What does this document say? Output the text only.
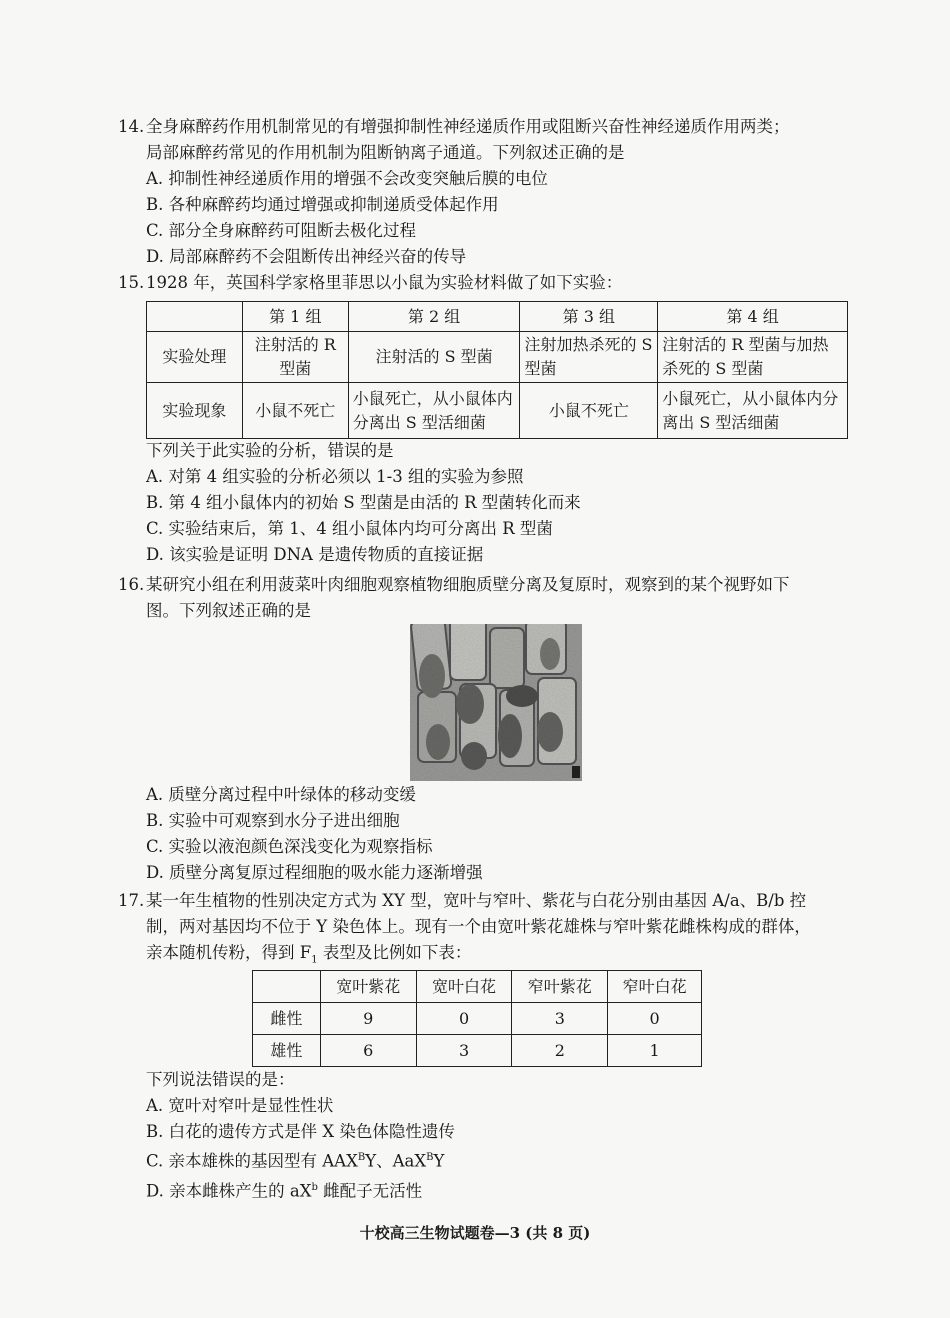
14. 全身麻醉药作用机制常见的有增强抑制性神经递质作用或阻断兴奋性神经递质作用两类；

局部麻醉药常见的作用机制为阻断钠离子通道。下列叙述正确的是

A. 抑制性神经递质作用的增强不会改变突触后膜的电位

B. 各种麻醉药均通过增强或抑制递质受体起作用

C. 部分全身麻醉药可阻断去极化过程

D. 局部麻醉药不会阻断传出神经兴奋的传导

15. 1928 年，英国科学家格里菲思以小鼠为实验材料做了如下实验：

	第 1 组	第 2 组	第 3 组	第 4 组
实验处理	注射活的 R 型菌	注射活的 S 型菌	注射加热杀死的 S 型菌	注射活的 R 型菌与加热杀死的 S 型菌
实验现象	小鼠不死亡	小鼠死亡，从小鼠体内分离出 S 型活细菌	小鼠不死亡	小鼠死亡，从小鼠体内分离出 S 型活细菌

下列关于此实验的分析，错误的是

A. 对第 4 组实验的分析必须以 1-3 组的实验为参照

B. 第 4 组小鼠体内的初始 S 型菌是由活的 R 型菌转化而来

C. 实验结束后，第 1、4 组小鼠体内均可分离出 R 型菌

D. 该实验是证明 DNA 是遗传物质的直接证据

16. 某研究小组在利用菠菜叶肉细胞观察植物细胞质壁分离及复原时，观察到的某个视野如下

图。下列叙述正确的是

A. 质壁分离过程中叶绿体的移动变缓

B. 实验中可观察到水分子进出细胞

C. 实验以液泡颜色深浅变化为观察指标

D. 质壁分离复原过程细胞的吸水能力逐渐增强

17. 某一年生植物的性别决定方式为 XY 型，宽叶与窄叶、紫花与白花分别由基因 A/a、B/b 控

制，两对基因均不位于 Y 染色体上。现有一个由宽叶紫花雄株与窄叶紫花雌株构成的群体，

亲本随机传粉，得到 $F_1$ 表型及比例如下表：

	宽叶紫花	宽叶白花	窄叶紫花	窄叶白花
雌性	9	0	3	0
雄性	6	3	2	1

下列说法错误的是：

A. 宽叶对窄叶是显性性状

B. 白花的遗传方式是伴 X 染色体隐性遗传

C. 亲本雄株的基因型有 $AAX^BY$、AaX$^B$Y

D. 亲本雌株产生的 $aX^b$ 雌配子无活性

十校高三生物试题卷—3 (共 8 页)
